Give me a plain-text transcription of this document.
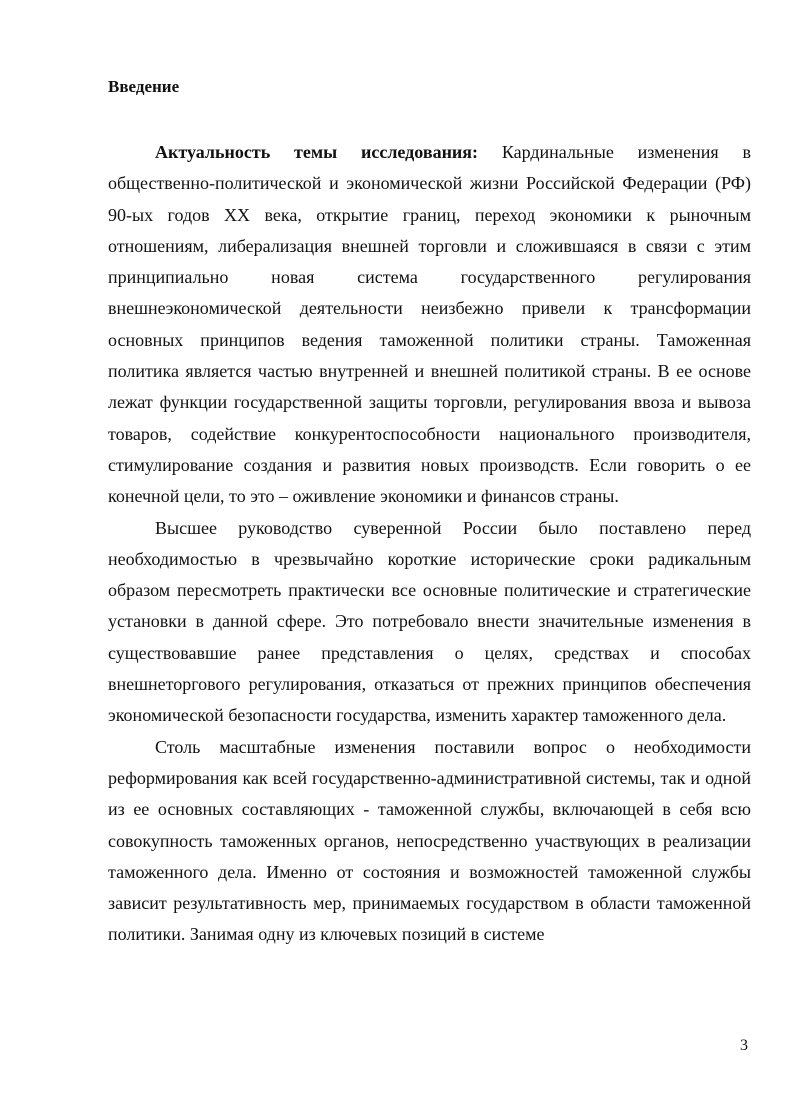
Введение

Актуальность темы исследования: Кардинальные изменения в общественно-политической и экономической жизни Российской Федерации (РФ) 90-ых годов XX века, открытие границ, переход экономики к рыночным отношениям, либерализация внешней торговли и сложившаяся в связи с этим принципиально новая система государственного регулирования внешнеэкономической деятельности неизбежно привели к трансформации основных принципов ведения таможенной политики страны. Таможенная политика является частью внутренней и внешней политикой страны. В ее основе лежат функции государственной защиты торговли, регулирования ввоза и вывоза товаров, содействие конкурентоспособности национального производителя, стимулирование создания и развития новых производств. Если говорить о ее конечной цели, то это – оживление экономики и финансов страны.

Высшее руководство суверенной России было поставлено перед необходимостью в чрезвычайно короткие исторические сроки радикальным образом пересмотреть практически все основные политические и стратегические установки в данной сфере. Это потребовало внести значительные изменения в существовавшие ранее представления о целях, средствах и способах внешнеторгового регулирования, отказаться от прежних принципов обеспечения экономической безопасности государства, изменить характер таможенного дела.

Столь масштабные изменения поставили вопрос о необходимости реформирования как всей государственно-административной системы, так и одной из ее основных составляющих - таможенной службы, включающей в себя всю совокупность таможенных органов, непосредственно участвующих в реализации таможенного дела. Именно от состояния и возможностей таможенной службы зависит результативность мер, принимаемых государством в области таможенной политики. Занимая одну из ключевых позиций в системе

3
